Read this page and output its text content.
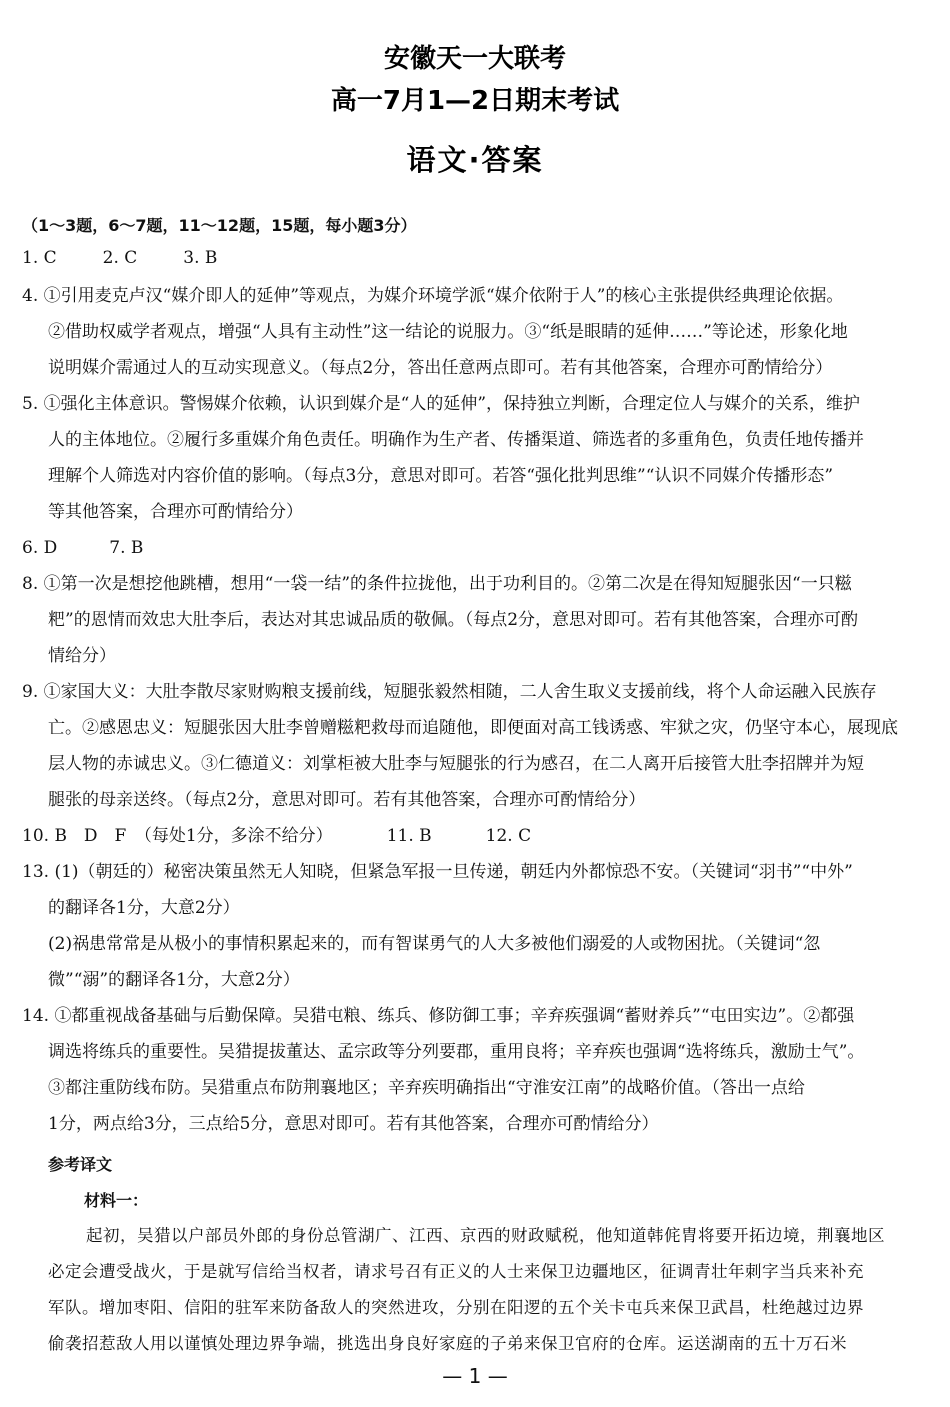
安徽天一大联考
高一7月1—2日期末考试
语文·答案
（1～3题，6～7题，11～12题，15题，每小题3分）
1. C	2. C	3. B
4. ①引用麦克卢汉“媒介即人的延伸”等观点，为媒介环境学派“媒介依附于人”的核心主张提供经典理论依据。
②借助权威学者观点，增强“人具有主动性”这一结论的说服力。③“纸是眼睛的延伸……”等论述，形象化地
说明媒介需通过人的互动实现意义。（每点2分，答出任意两点即可。若有其他答案，合理亦可酌情给分）
5. ①强化主体意识。警惕媒介依赖，认识到媒介是“人的延伸”，保持独立判断，合理定位人与媒介的关系，维护
人的主体地位。②履行多重媒介角色责任。明确作为生产者、传播渠道、筛选者的多重角色，负责任地传播并
理解个人筛选对内容价值的影响。（每点3分，意思对即可。若答“强化批判思维”“认识不同媒介传播形态”
等其他答案，合理亦可酌情给分）
6. D	7. B
8. ①第一次是想挖他跳槽，想用“一袋一结”的条件拉拢他，出于功利目的。②第二次是在得知短腿张因“一只糍
粑”的恩情而效忠大肚李后，表达对其忠诚品质的敬佩。（每点2分，意思对即可。若有其他答案，合理亦可酌
情给分）
9. ①家国大义：大肚李散尽家财购粮支援前线，短腿张毅然相随，二人舍生取义支援前线，将个人命运融入民族存
亡。②感恩忠义：短腿张因大肚李曾赠糍粑救母而追随他，即便面对高工钱诱惑、牢狱之灾，仍坚守本心，展现底
层人物的赤诚忠义。③仁德道义：刘掌柜被大肚李与短腿张的行为感召，在二人离开后接管大肚李招牌并为短
腿张的母亲送终。（每点2分，意思对即可。若有其他答案，合理亦可酌情给分）
10. B　D　F　（每处1分，多涂不给分）	11. B	12. C
13. (1)（朝廷的）秘密决策虽然无人知晓，但紧急军报一旦传递，朝廷内外都惊恐不安。（关键词“羽书”“中外”
的翻译各1分，大意2分）
(2)祸患常常是从极小的事情积累起来的，而有智谋勇气的人大多被他们溺爱的人或物困扰。（关键词“忽
微”“溺”的翻译各1分，大意2分）
14. ①都重视战备基础与后勤保障。吴猎屯粮、练兵、修防御工事；辛弃疾强调“蓄财养兵”“屯田实边”。②都强
调选将练兵的重要性。吴猎提拔董达、孟宗政等分列要郡，重用良将；辛弃疾也强调“选将练兵，激励士气”。
③都注重防线布防。吴猎重点布防荆襄地区；辛弃疾明确指出“守淮安江南”的战略价值。（答出一点给
1分，两点给3分，三点给5分，意思对即可。若有其他答案，合理亦可酌情给分）
参考译文
材料一：
起初，吴猎以户部员外郎的身份总管湖广、江西、京西的财政赋税，他知道韩侂胄将要开拓边境，荆襄地区
必定会遭受战火，于是就写信给当权者，请求号召有正义的人士来保卫边疆地区，征调青壮年刺字当兵来补充
军队。增加枣阳、信阳的驻军来防备敌人的突然进攻，分别在阳逻的五个关卡屯兵来保卫武昌，杜绝越过边界
偷袭招惹敌人用以谨慎处理边界争端，挑选出身良好家庭的子弟来保卫官府的仓库。运送湖南的五十万石米
— 1 —
